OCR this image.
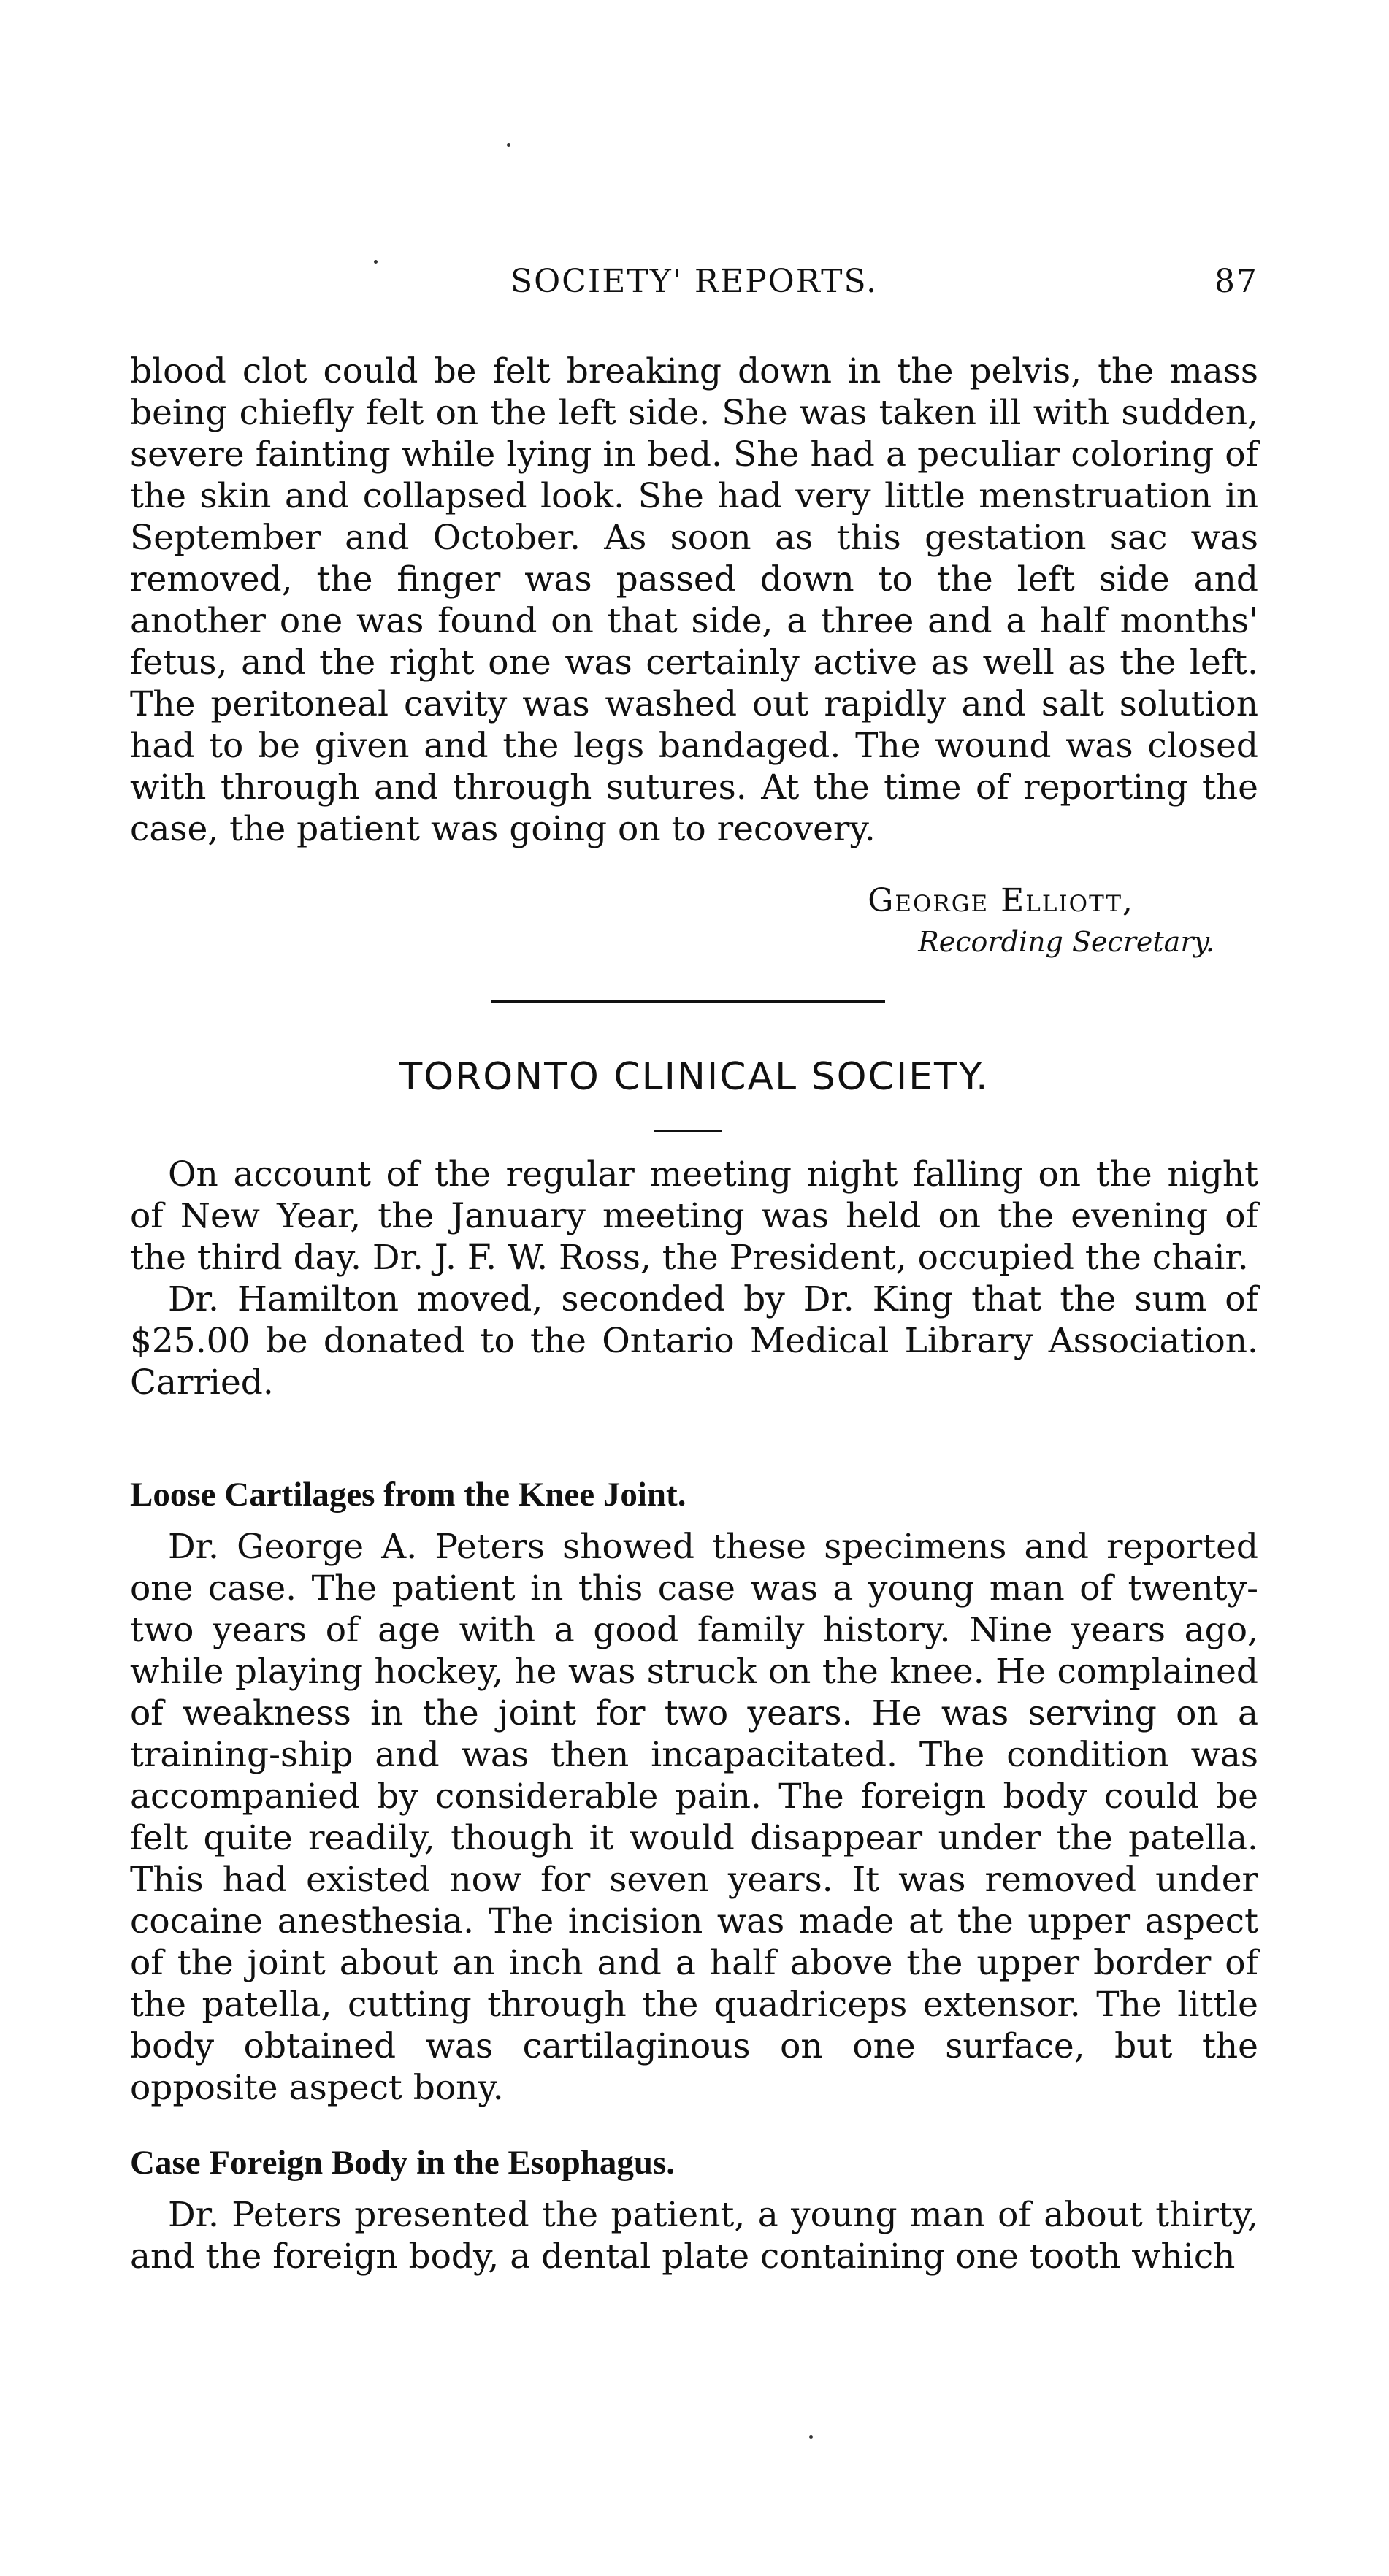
SOCIETY' REPORTS.	87

blood clot could be felt breaking down in the pelvis, the mass being chiefly felt on the left side. She was taken ill with sudden, severe fainting while lying in bed. She had a peculiar coloring of the skin and collapsed look. She had very little menstruation in September and October. As soon as this gestation sac was removed, the finger was passed down to the left side and another one was found on that side, a three and a half months' fetus, and the right one was certainly active as well as the left. The peritoneal cavity was washed out rapidly and salt solution had to be given and the legs bandaged. The wound was closed with through and through sutures. At the time of reporting the case, the patient was going on to recovery.

George Elliott,
Recording Secretary.
TORONTO CLINICAL SOCIETY.

On account of the regular meeting night falling on the night of New Year, the January meeting was held on the evening of the third day. Dr. J. F. W. Ross, the President, occupied the chair.

Dr. Hamilton moved, seconded by Dr. King that the sum of $25.00 be donated to the Ontario Medical Library Association. Carried.

Loose Cartilages from the Knee Joint.

Dr. George A. Peters showed these specimens and reported one case. The patient in this case was a young man of twenty-two years of age with a good family history. Nine years ago, while playing hockey, he was struck on the knee. He complained of weakness in the joint for two years. He was serving on a training-ship and was then incapacitated. The condition was accompanied by considerable pain. The foreign body could be felt quite readily, though it would disappear under the patella. This had existed now for seven years. It was removed under cocaine anesthesia. The incision was made at the upper aspect of the joint about an inch and a half above the upper border of the patella, cutting through the quadriceps extensor. The little body obtained was cartilaginous on one surface, but the opposite aspect bony.

Case Foreign Body in the Esophagus.

Dr. Peters presented the patient, a young man of about thirty, and the foreign body, a dental plate containing one tooth which
